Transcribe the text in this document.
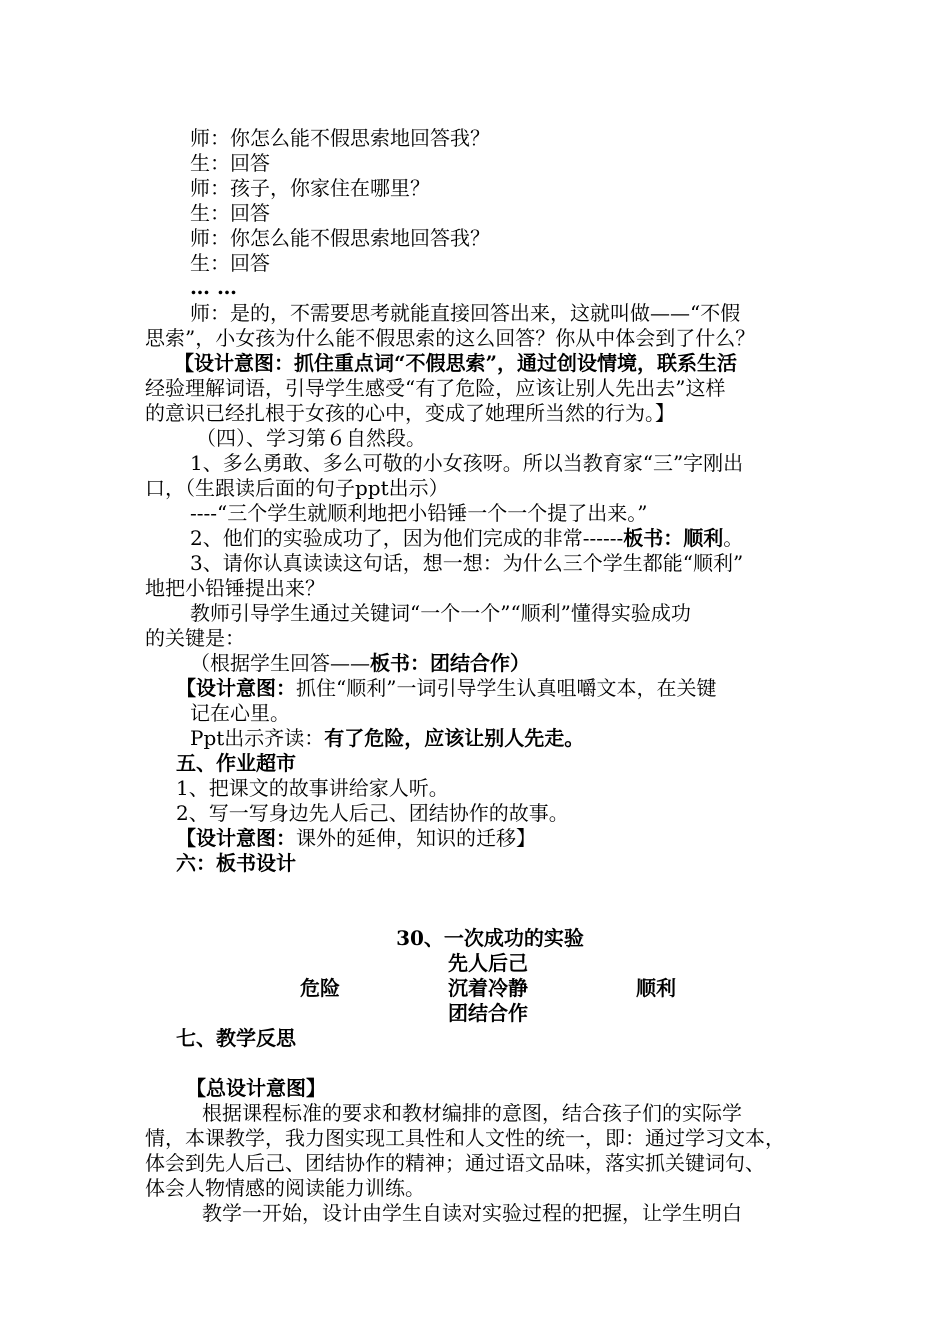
师：你怎么能不假思索地回答我？
生：回答
师：孩子，你家住在哪里？
生：回答
师：你怎么能不假思索地回答我？
生：回答
… …
师：是的，不需要思考就能直接回答出来，这就叫做——“不假
思索”，小女孩为什么能不假思索的这么回答？你从中体会到了什么？
【设计意图：抓住重点词“不假思索”，通过创设情境，联系生活
经验理解词语，引导学生感受“有了危险，应该让别人先出去”这样
的意识已经扎根于女孩的心中，变成了她理所当然的行为。】
（四）、学习第６自然段。
1、多么勇敢、多么可敬的小女孩呀。所以当教育家“三”字刚出
口，（生跟读后面的句子ppt出示）
----“三个学生就顺利地把小铅锤一个一个提了出来。”
2、他们的实验成功了，因为他们完成的非常------板书：顺利。
3、请你认真读读这句话，想一想：为什么三个学生都能“顺利”
地把小铅锤提出来？
教师引导学生通过关键词“一个一个”“顺利”懂得实验成功
的关键是：
（根据学生回答——板书：团结合作）
【设计意图：抓住“顺利”一词引导学生认真咀嚼文本，在关键
记在心里。
Ppt出示齐读：有了危险，应该让别人先走。
五、作业超市
1、把课文的故事讲给家人听。
2、写一写身边先人后己、团结协作的故事。
【设计意图：课外的延伸，知识的迁移】
六：板书设计
30、一次成功的实验
先人后己
危险	沉着冷静	顺利
团结合作
七、教学反思
【总设计意图】
根据课程标准的要求和教材编排的意图，结合孩子们的实际学
情，本课教学，我力图实现工具性和人文性的统一，即：通过学习文本，
体会到先人后己、团结协作的精神；通过语文品味，落实抓关键词句、
体会人物情感的阅读能力训练。
教学一开始，设计由学生自读对实验过程的把握，让学生明白
